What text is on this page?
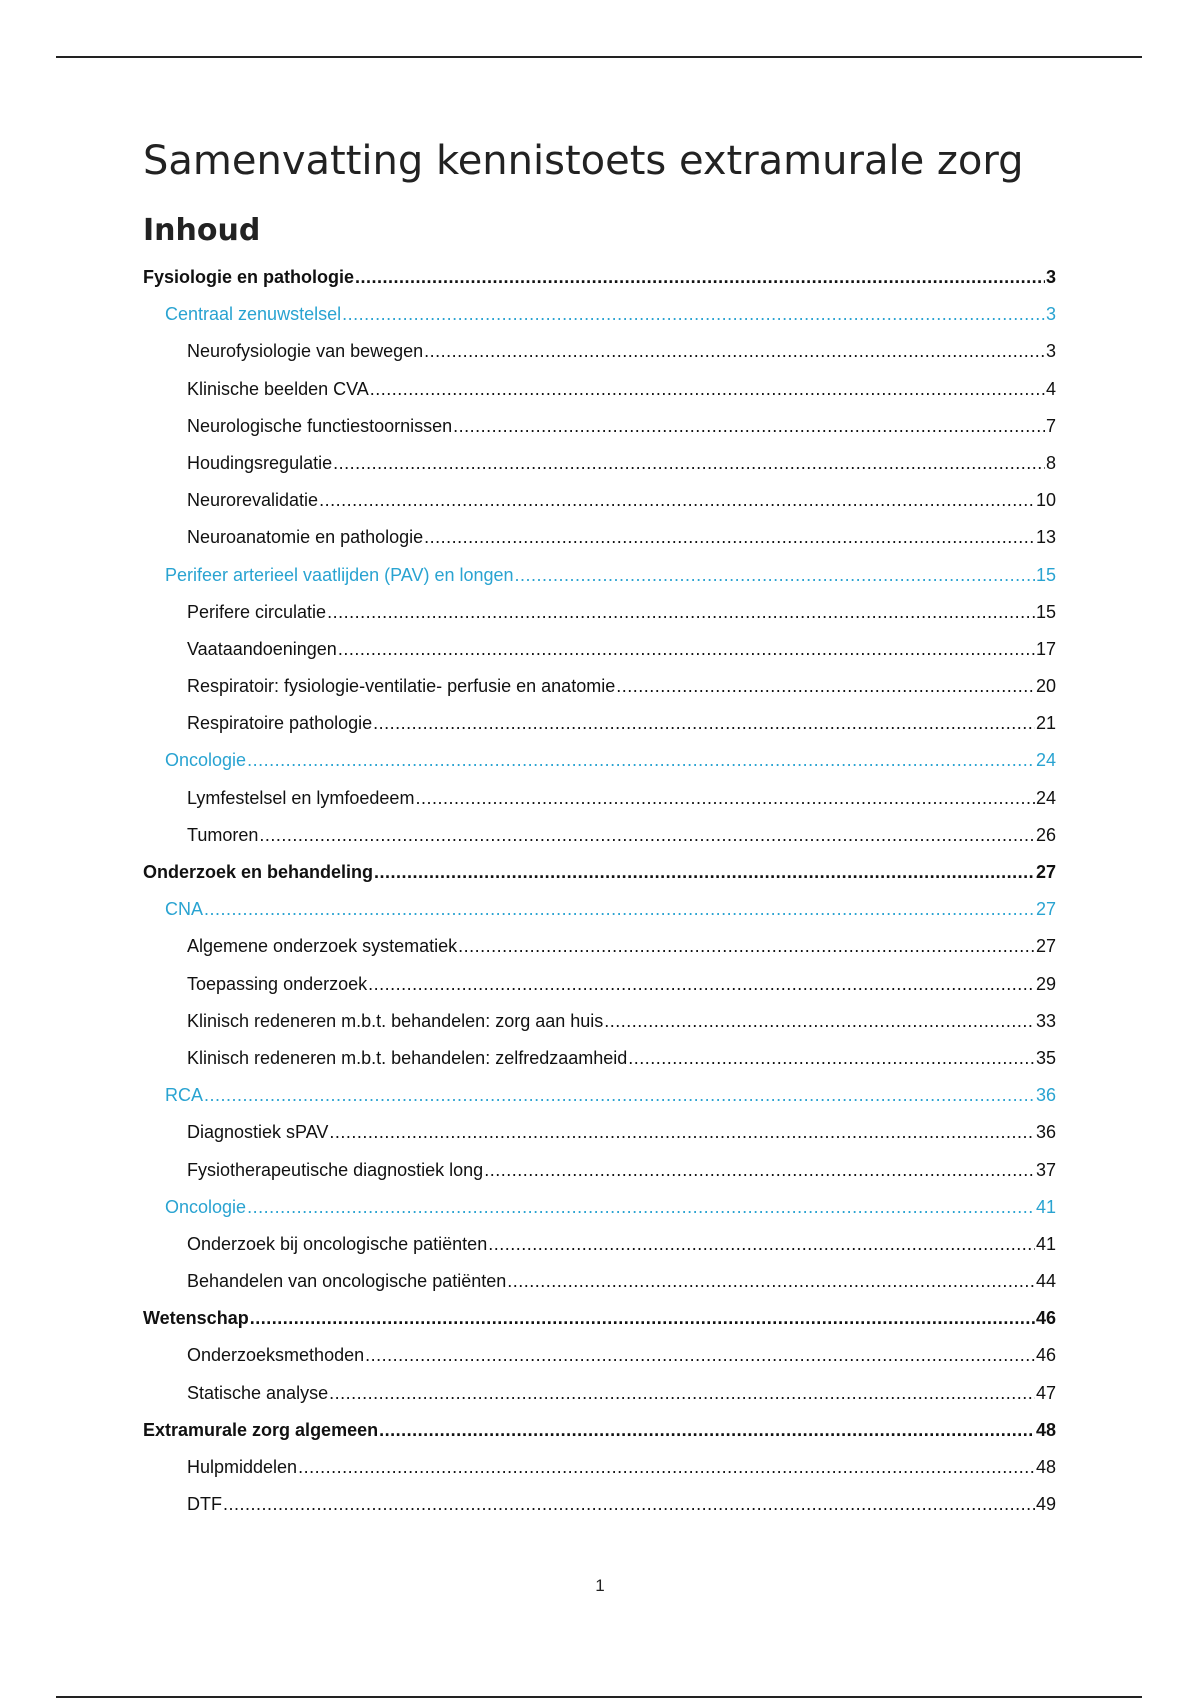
Samenvatting kennistoets extramurale zorg
Inhoud
Fysiologie en pathologie .....	3
Centraal zenuwstelsel .....	3
Neurofysiologie van bewegen .....	3
Klinische beelden CVA .....	4
Neurologische functiestoornissen .....	7
Houdingsregulatie .....	8
Neurorevalidatie .....	10
Neuroanatomie en pathologie .....	13
Perifeer arterieel vaatlijden (PAV) en longen .....	15
Perifere circulatie .....	15
Vaataandoeningen .....	17
Respiratoir: fysiologie-ventilatie- perfusie en anatomie .....	20
Respiratoire pathologie .....	21
Oncologie .....	24
Lymfestelsel en lymfoedeem .....	24
Tumoren .....	26
Onderzoek en behandeling .....	27
CNA .....	27
Algemene onderzoek systematiek .....	27
Toepassing onderzoek .....	29
Klinisch redeneren m.b.t. behandelen: zorg aan huis .....	33
Klinisch redeneren m.b.t. behandelen: zelfredzaamheid .....	35
RCA .....	36
Diagnostiek sPAV .....	36
Fysiotherapeutische diagnostiek long .....	37
Oncologie .....	41
Onderzoek bij oncologische patiënten .....	41
Behandelen van oncologische patiënten .....	44
Wetenschap .....	46
Onderzoeksmethoden .....	46
Statische analyse .....	47
Extramurale zorg algemeen .....	48
Hulpmiddelen .....	48
DTF .....	49
1
